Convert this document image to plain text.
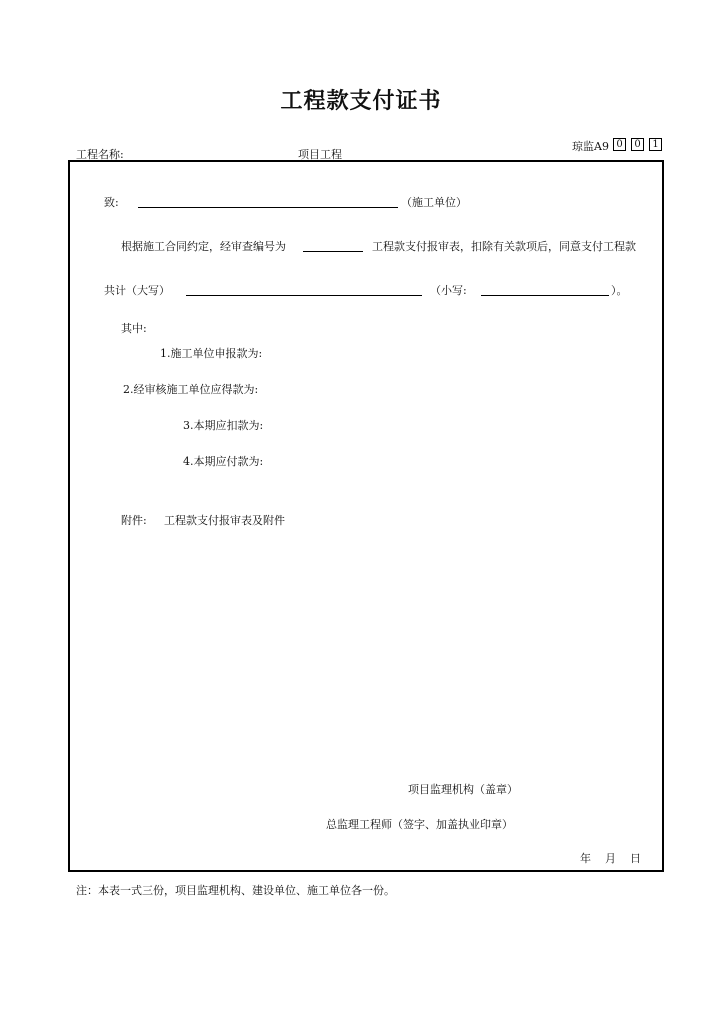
工程款支付证书
工程名称:	项目工程
琼监A9 0	0	1
致:	（施工单位）
根据施工合同约定，经审查编号为	工程款支付报审表，扣除有关款项后，同意支付工程款
共计（大写）	（小写:	）。
其中:
1.施工单位申报款为:
2.经审核施工单位应得款为:
3.本期应扣款为:
4.本期应付款为:
附件: 工程款支付报审表及附件
项目监理机构（盖章）
总监理工程师（签字、加盖执业印章）
年    月    日
注：本表一式三份，项目监理机构、建设单位、施工单位各一份。
